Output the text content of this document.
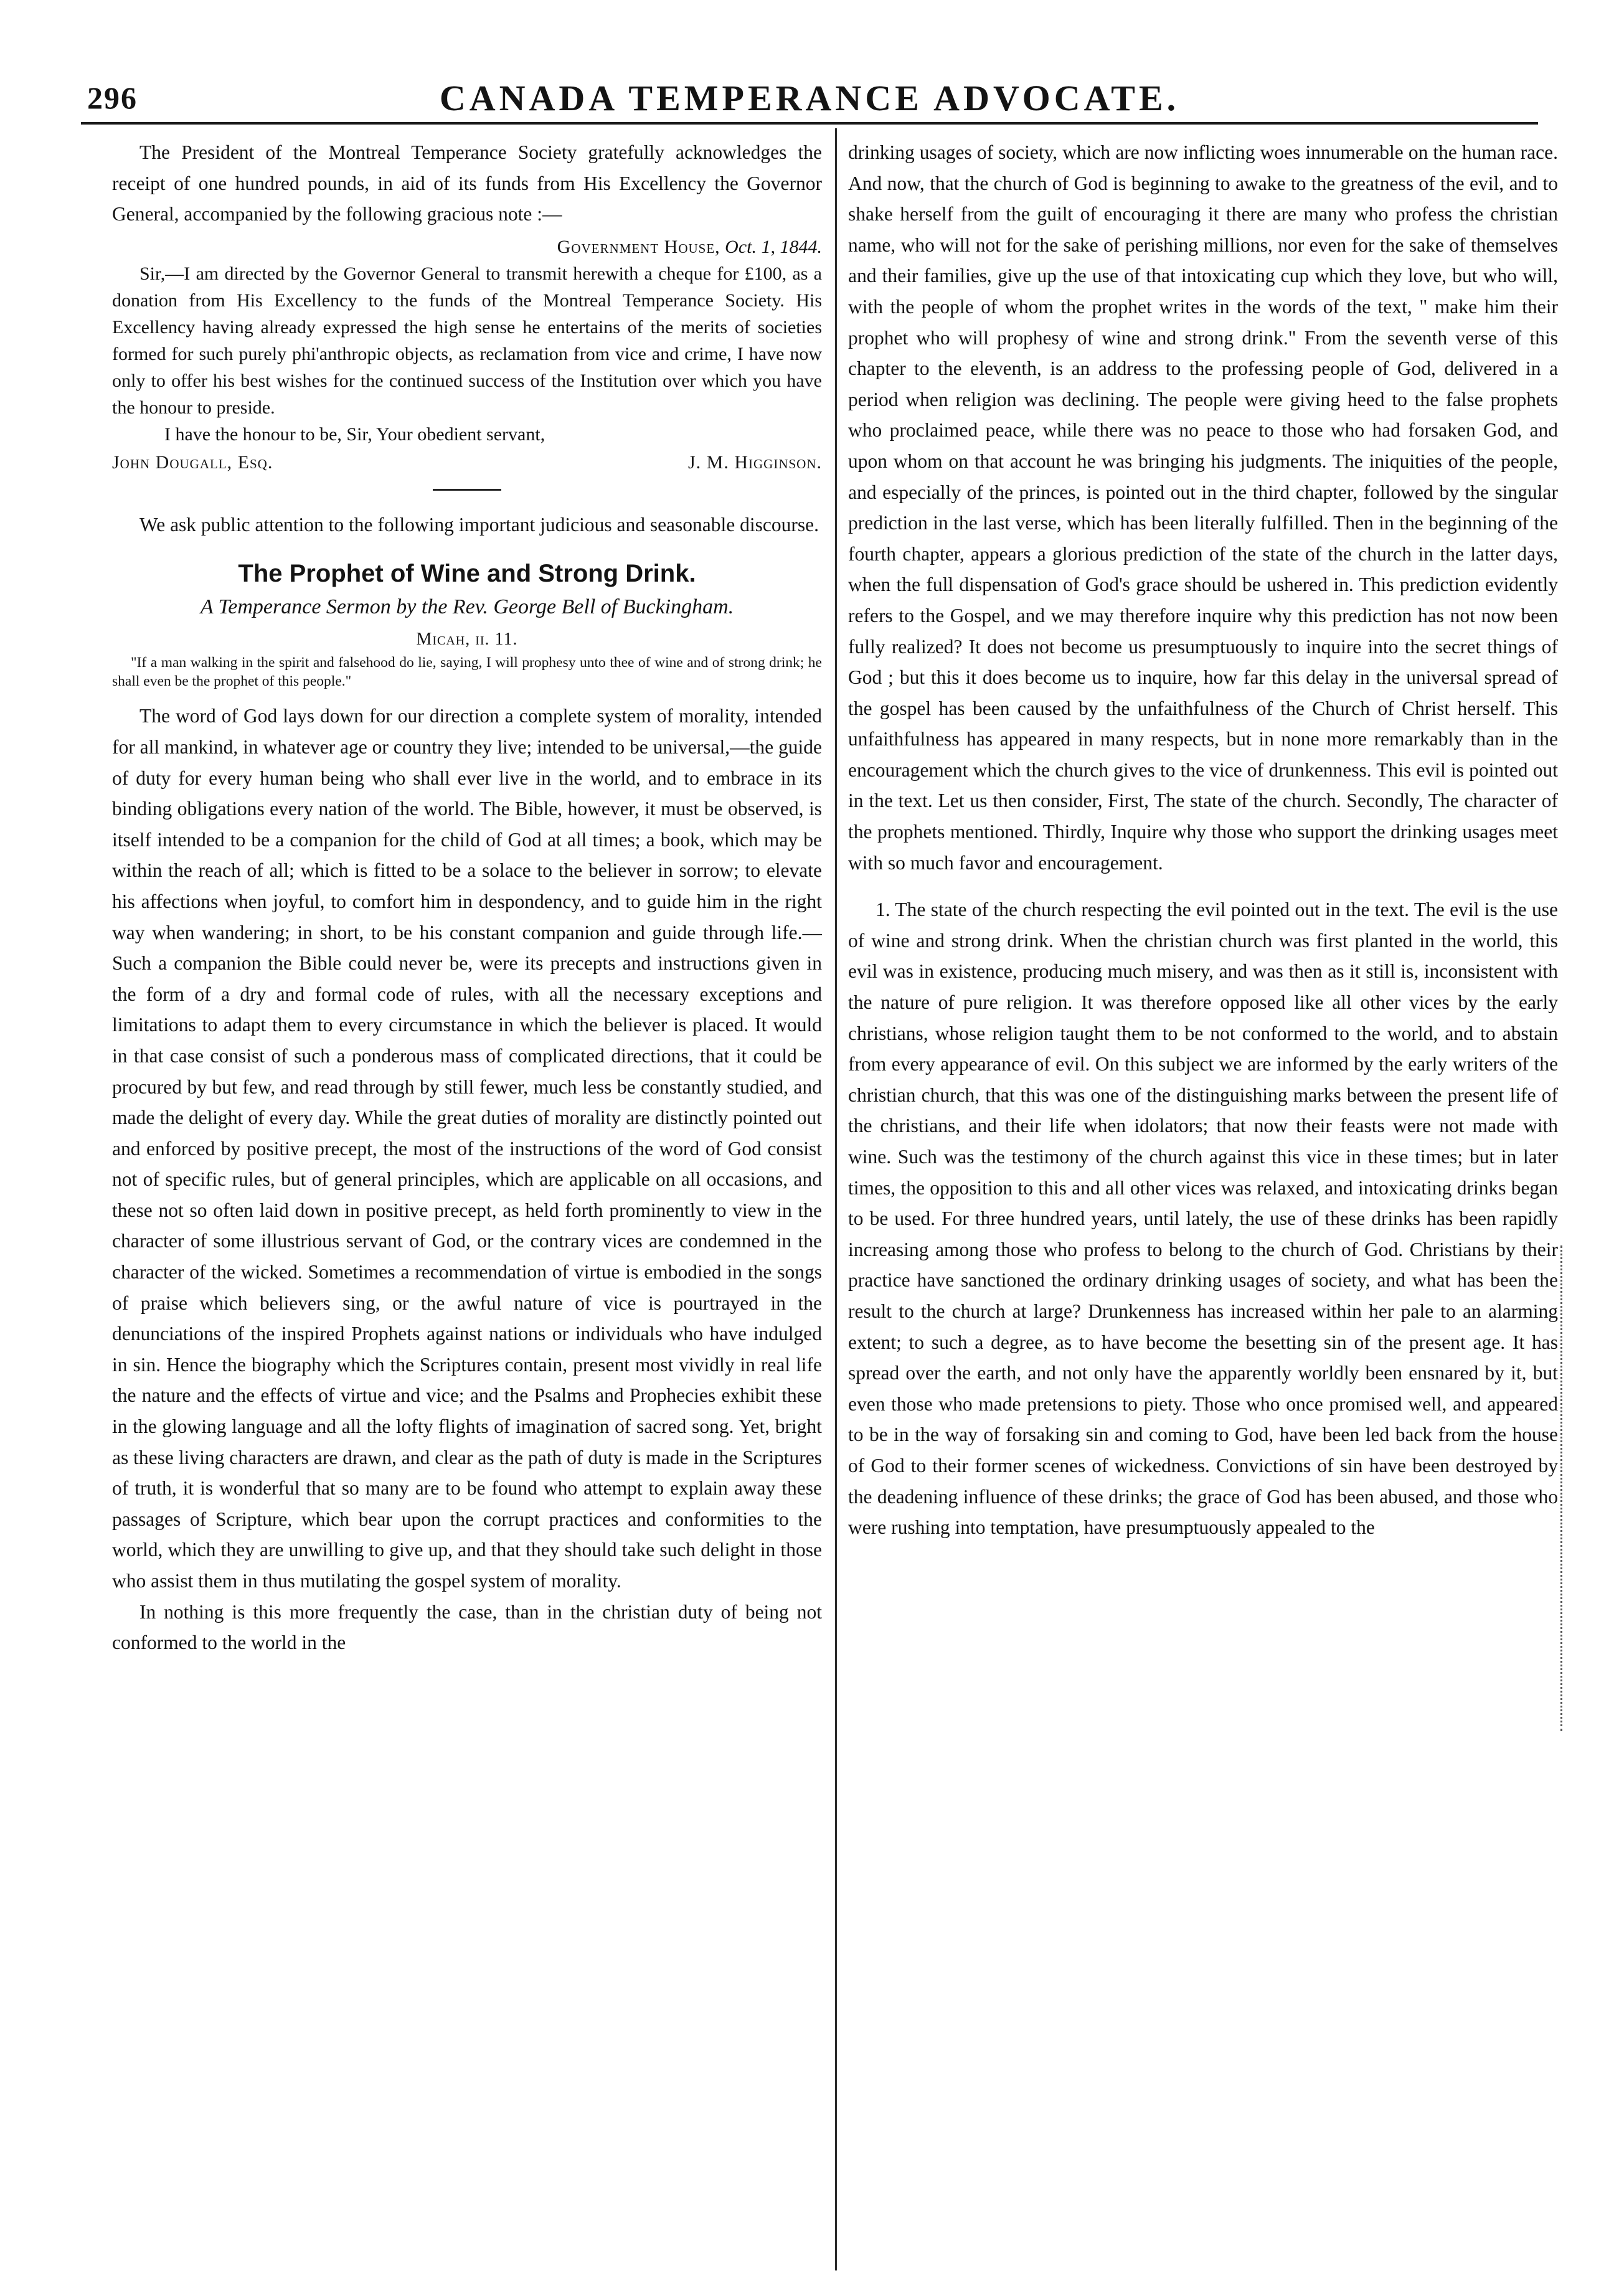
296	CANADA TEMPERANCE ADVOCATE.

The President of the Montreal Temperance Society gratefully acknowledges the receipt of one hundred pounds, in aid of its funds from His Excellency the Governor General, accompanied by the following gracious note :—

Government House, Oct. 1, 1844.

Sir,—I am directed by the Governor General to transmit herewith a cheque for £100, as a donation from His Excellency to the funds of the Montreal Temperance Society. His Excellency having already expressed the high sense he entertains of the merits of societies formed for such purely phi'anthropic objects, as reclamation from vice and crime, I have now only to offer his best wishes for the continued success of the Institution over which you have the honour to preside.

I have the honour to be, Sir, Your obedient servant,

John Dougall, Esq.	J. M. Higginson.

We ask public attention to the following important judicious and seasonable discourse.

The Prophet of Wine and Strong Drink.
A Temperance Sermon by the Rev. George Bell of Buckingham.
Micah, ii. 11.

"If a man walking in the spirit and falsehood do lie, saying, I will prophesy unto thee of wine and of strong drink; he shall even be the prophet of this people."

The word of God lays down for our direction a complete system of morality, intended for all mankind, in whatever age or country they live; intended to be universal,—the guide of duty for every human being who shall ever live in the world, and to embrace in its binding obligations every nation of the world. The Bible, however, it must be observed, is itself intended to be a companion for the child of God at all times; a book, which may be within the reach of all; which is fitted to be a solace to the believer in sorrow; to elevate his affections when joyful, to comfort him in despondency, and to guide him in the right way when wandering; in short, to be his constant companion and guide through life.— Such a companion the Bible could never be, were its precepts and instructions given in the form of a dry and formal code of rules, with all the necessary exceptions and limitations to adapt them to every circumstance in which the believer is placed. It would in that case consist of such a ponderous mass of complicated directions, that it could be procured by but few, and read through by still fewer, much less be constantly studied, and made the delight of every day. While the great duties of morality are distinctly pointed out and enforced by positive precept, the most of the instructions of the word of God consist not of specific rules, but of general principles, which are applicable on all occasions, and these not so often laid down in positive precept, as held forth prominently to view in the character of some illustrious servant of God, or the contrary vices are condemned in the character of the wicked. Sometimes a recommendation of virtue is embodied in the songs of praise which believers sing, or the awful nature of vice is pourtrayed in the denunciations of the inspired Prophets against nations or individuals who have indulged in sin. Hence the biography which the Scriptures contain, present most vividly in real life the nature and the effects of virtue and vice; and the Psalms and Prophecies exhibit these in the glowing language and all the lofty flights of imagination of sacred song. Yet, bright as these living characters are drawn, and clear as the path of duty is made in the Scriptures of truth, it is wonderful that so many are to be found who attempt to explain away these passages of Scripture, which bear upon the corrupt practices and conformities to the world, which they are unwilling to give up, and that they should take such delight in those who assist them in thus mutilating the gospel system of morality.

In nothing is this more frequently the case, than in the christian duty of being not conformed to the world in the

drinking usages of society, which are now inflicting woes innumerable on the human race. And now, that the church of God is beginning to awake to the greatness of the evil, and to shake herself from the guilt of encouraging it there are many who profess the christian name, who will not for the sake of perishing millions, nor even for the sake of themselves and their families, give up the use of that intoxicating cup which they love, but who will, with the people of whom the prophet writes in the words of the text, " make him their prophet who will prophesy of wine and strong drink." From the seventh verse of this chapter to the eleventh, is an address to the professing people of God, delivered in a period when religion was declining. The people were giving heed to the false prophets who proclaimed peace, while there was no peace to those who had forsaken God, and upon whom on that account he was bringing his judgments. The iniquities of the people, and especially of the princes, is pointed out in the third chapter, followed by the singular prediction in the last verse, which has been literally fulfilled. Then in the beginning of the fourth chapter, appears a glorious prediction of the state of the church in the latter days, when the full dispensation of God's grace should be ushered in. This prediction evidently refers to the Gospel, and we may therefore inquire why this prediction has not now been fully realized? It does not become us presumptuously to inquire into the secret things of God ; but this it does become us to inquire, how far this delay in the universal spread of the gospel has been caused by the unfaithfulness of the Church of Christ herself. This unfaithfulness has appeared in many respects, but in none more remarkably than in the encouragement which the church gives to the vice of drunkenness. This evil is pointed out in the text. Let us then consider, First, The state of the church. Secondly, The character of the prophets mentioned. Thirdly, Inquire why those who support the drinking usages meet with so much favor and encouragement.

1. The state of the church respecting the evil pointed out in the text. The evil is the use of wine and strong drink. When the christian church was first planted in the world, this evil was in existence, producing much misery, and was then as it still is, inconsistent with the nature of pure religion. It was therefore opposed like all other vices by the early christians, whose religion taught them to be not conformed to the world, and to abstain from every appearance of evil. On this subject we are informed by the early writers of the christian church, that this was one of the distinguishing marks between the present life of the christians, and their life when idolators; that now their feasts were not made with wine. Such was the testimony of the church against this vice in these times; but in later times, the opposition to this and all other vices was relaxed, and intoxicating drinks began to be used. For three hundred years, until lately, the use of these drinks has been rapidly increasing among those who profess to belong to the church of God. Christians by their practice have sanctioned the ordinary drinking usages of society, and what has been the result to the church at large? Drunkenness has increased within her pale to an alarming extent; to such a degree, as to have become the besetting sin of the present age. It has spread over the earth, and not only have the apparently worldly been ensnared by it, but even those who made pretensions to piety. Those who once promised well, and appeared to be in the way of forsaking sin and coming to God, have been led back from the house of God to their former scenes of wickedness. Convictions of sin have been destroyed by the deadening influence of these drinks; the grace of God has been abused, and those who were rushing into temptation, have presumptuously appealed to the
